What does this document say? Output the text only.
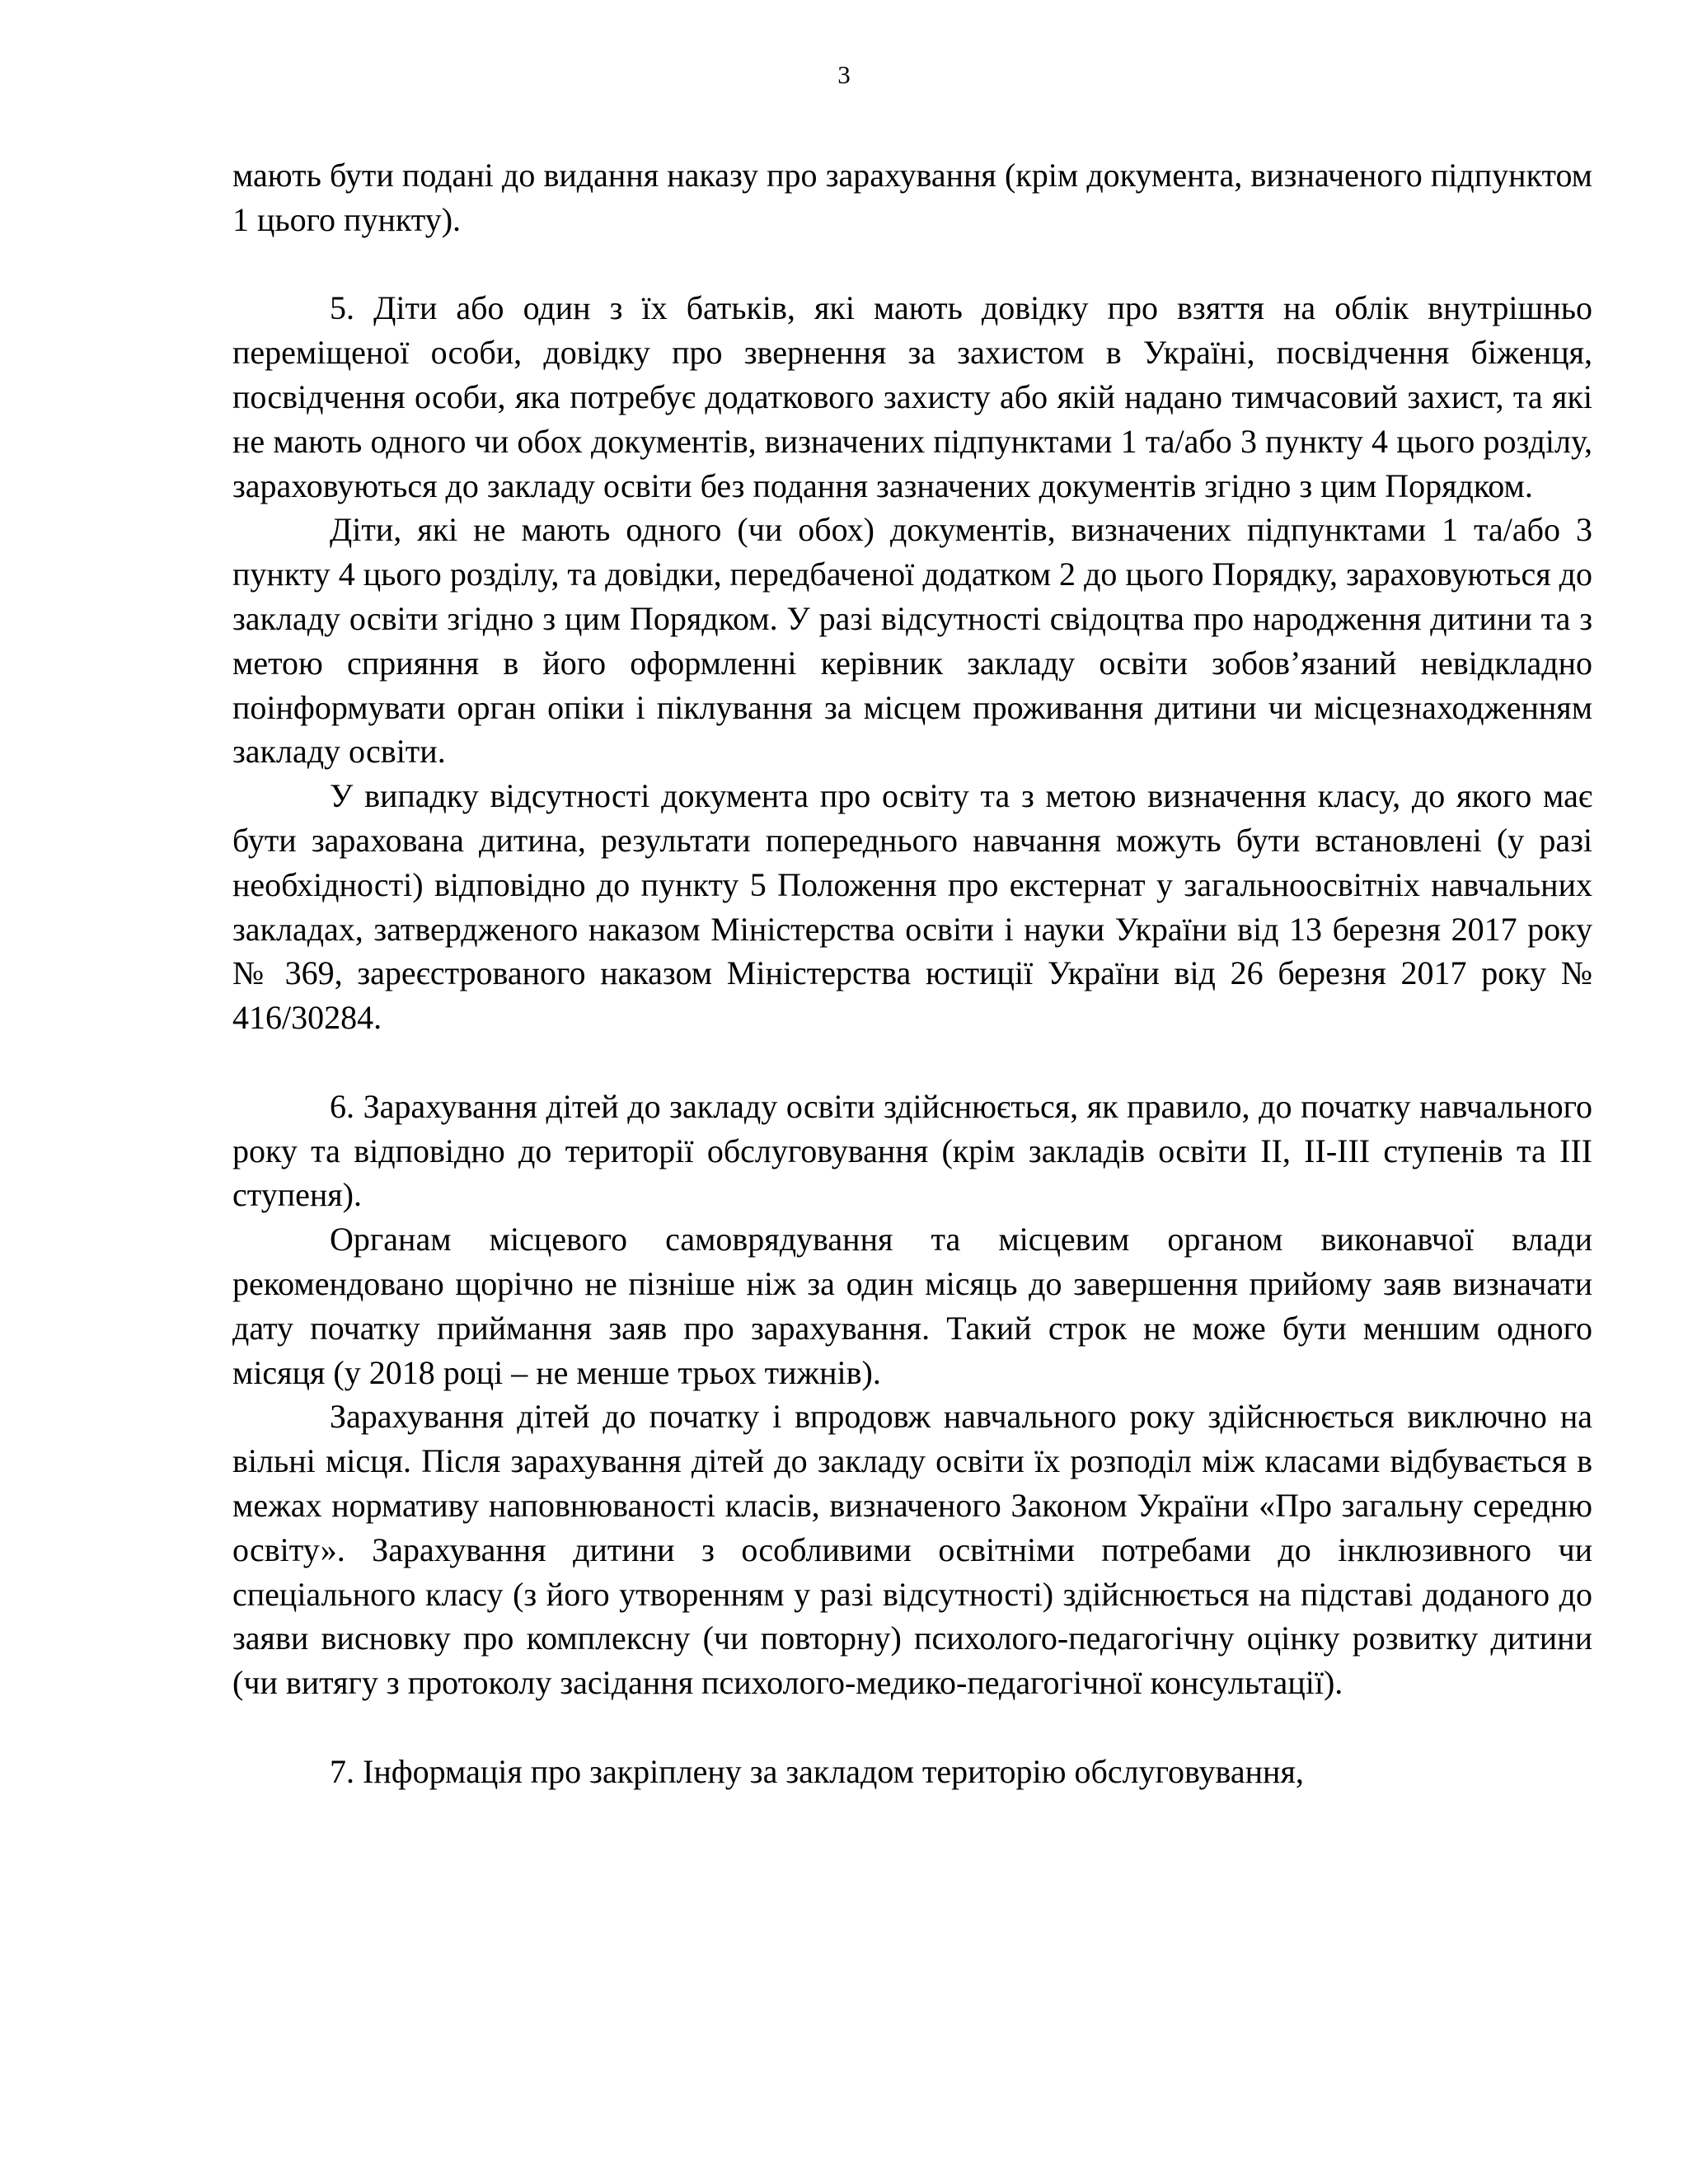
3

мають бути подані до видання наказу про зарахування (крім документа, визначеного підпунктом 1 цього пункту).

5. Діти або один з їх батьків, які мають довідку про взяття на облік внутрішньо переміщеної особи, довідку про звернення за захистом в Україні, посвідчення біженця, посвідчення особи, яка потребує додаткового захисту або якій надано тимчасовий захист, та які не мають одного чи обох документів, визначених підпунктами 1 та/або 3 пункту 4 цього розділу, зараховуються до закладу освіти без подання зазначених документів згідно з цим Порядком.

Діти, які не мають одного (чи обох) документів, визначених підпунктами 1 та/або 3 пункту 4 цього розділу, та довідки, передбаченої додатком 2 до цього Порядку, зараховуються до закладу освіти згідно з цим Порядком. У разі відсутності свідоцтва про народження дитини та з метою сприяння в його оформленні керівник закладу освіти зобов’язаний невідкладно поінформувати орган опіки і піклування за місцем проживання дитини чи місцезнаходженням закладу освіти.

У випадку відсутності документа про освіту та з метою визначення класу, до якого має бути зарахована дитина, результати попереднього навчання можуть бути встановлені (у разі необхідності) відповідно до пункту 5 Положення про екстернат у загальноосвітніх навчальних закладах, затвердженого наказом Міністерства освіти і науки України від 13 березня 2017 року № 369, зареєстрованого наказом Міністерства юстиції України від 26 березня 2017 року № 416/30284.

6. Зарахування дітей до закладу освіти здійснюється, як правило, до початку навчального року та відповідно до території обслуговування (крім закладів освіти II, II-III ступенів та III ступеня).

Органам місцевого самоврядування та місцевим органом виконавчої влади рекомендовано щорічно не пізніше ніж за один місяць до завершення прийому заяв визначати дату початку приймання заяв про зарахування. Такий строк не може бути меншим одного місяця (у 2018 році – не менше трьох тижнів).

Зарахування дітей до початку і впродовж навчального року здійснюється виключно на вільні місця. Після зарахування дітей до закладу освіти їх розподіл між класами відбувається в межах нормативу наповнюваності класів, визначеного Законом України «Про загальну середню освіту». Зарахування дитини з особливими освітніми потребами до інклюзивного чи спеціального класу (з його утворенням у разі відсутності) здійснюється на підставі доданого до заяви висновку про комплексну (чи повторну) психолого-педагогічну оцінку розвитку дитини (чи витягу з протоколу засідання психолого-медико-педагогічної консультації).

7. Інформація про закріплену за закладом територію обслуговування,
